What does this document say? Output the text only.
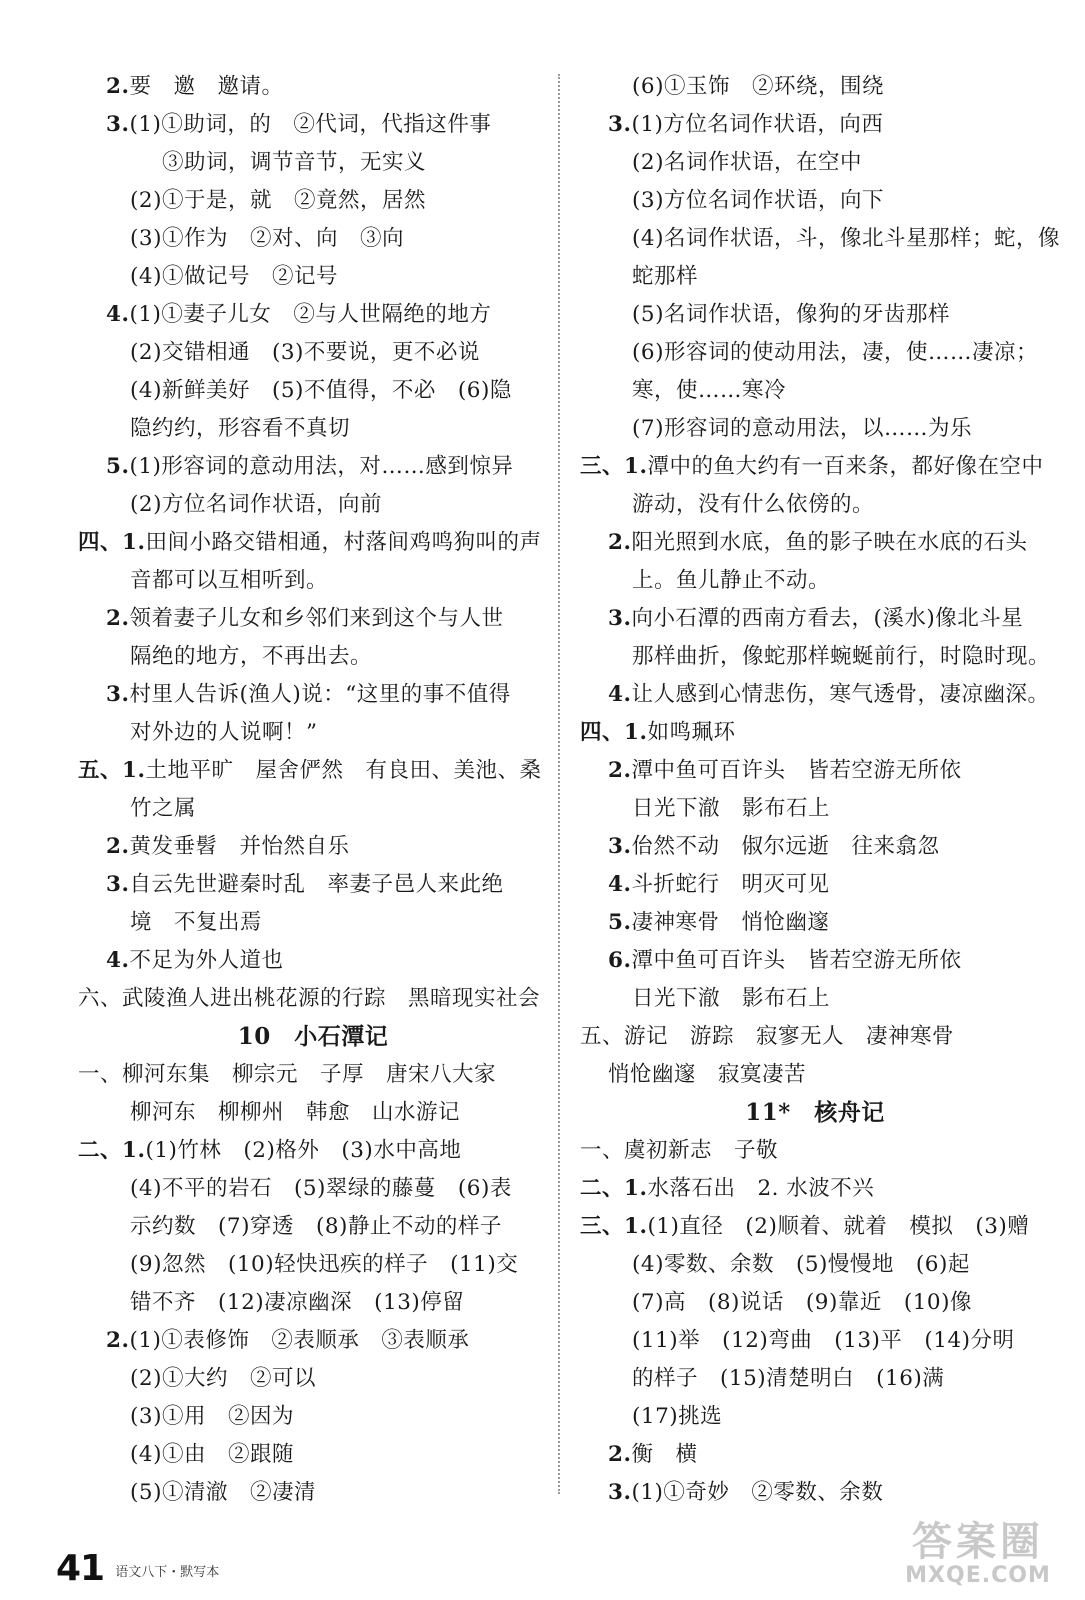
2.要　邀　邀请。
3.(1)①助词，的　②代词，代指这件事
③助词，调节音节，无实义
(2)①于是，就　②竟然，居然
(3)①作为　②对、向　③向
(4)①做记号　②记号
4.(1)①妻子儿女　②与人世隔绝的地方
(2)交错相通　(3)不要说，更不必说
(4)新鲜美好　(5)不值得，不必　(6)隐
隐约约，形容看不真切
5.(1)形容词的意动用法，对……感到惊异
(2)方位名词作状语，向前
四、1.田间小路交错相通，村落间鸡鸣狗叫的声
音都可以互相听到。
2.领着妻子儿女和乡邻们来到这个与人世
隔绝的地方，不再出去。
3.村里人告诉(渔人)说：“这里的事不值得
对外边的人说啊！”
五、1.土地平旷　屋舍俨然　有良田、美池、桑
竹之属
2.黄发垂髫　并怡然自乐
3.自云先世避秦时乱　率妻子邑人来此绝
境　不复出焉
4.不足为外人道也
六、武陵渔人进出桃花源的行踪　黑暗现实社会
10　小石潭记
一、柳河东集　柳宗元　子厚　唐宋八大家
柳河东　柳柳州　韩愈　山水游记
二、1.(1)竹林　(2)格外　(3)水中高地
(4)不平的岩石　(5)翠绿的藤蔓　(6)表
示约数　(7)穿透　(8)静止不动的样子
(9)忽然　(10)轻快迅疾的样子　(11)交
错不齐　(12)凄凉幽深　(13)停留
2.(1)①表修饰　②表顺承　③表顺承
(2)①大约　②可以
(3)①用　②因为
(4)①由　②跟随
(5)①清澈　②凄清
(6)①玉饰　②环绕，围绕
3.(1)方位名词作状语，向西
(2)名词作状语，在空中
(3)方位名词作状语，向下
(4)名词作状语，斗，像北斗星那样；蛇，像
蛇那样
(5)名词作状语，像狗的牙齿那样
(6)形容词的使动用法，凄，使……凄凉；
寒，使……寒冷
(7)形容词的意动用法，以……为乐
三、1.潭中的鱼大约有一百来条，都好像在空中
游动，没有什么依傍的。
2.阳光照到水底，鱼的影子映在水底的石头
上。鱼儿静止不动。
3.向小石潭的西南方看去，(溪水)像北斗星
那样曲折，像蛇那样蜿蜒前行，时隐时现。
4.让人感到心情悲伤，寒气透骨，凄凉幽深。
四、1.如鸣珮环
2.潭中鱼可百许头　皆若空游无所依
日光下澈　影布石上
3.佁然不动　俶尔远逝　往来翕忽
4.斗折蛇行　明灭可见
5.凄神寒骨　悄怆幽邃
6.潭中鱼可百许头　皆若空游无所依
日光下澈　影布石上
五、游记　游踪　寂寥无人　凄神寒骨
悄怆幽邃　寂寞凄苦
11*　核舟记
一、虞初新志　子敬
二、1.水落石出　2. 水波不兴
三、1.(1)直径　(2)顺着、就着　模拟　(3)赠
(4)零数、余数　(5)慢慢地　(6)起
(7)高　(8)说话　(9)靠近　(10)像
(11)举　(12)弯曲　(13)平　(14)分明
的样子　(15)清楚明白　(16)满
(17)挑选
2.衡　横
3.(1)①奇妙　②零数、余数
41 $^{语文八下・默写本}$
答案圈
MXQE.COM
